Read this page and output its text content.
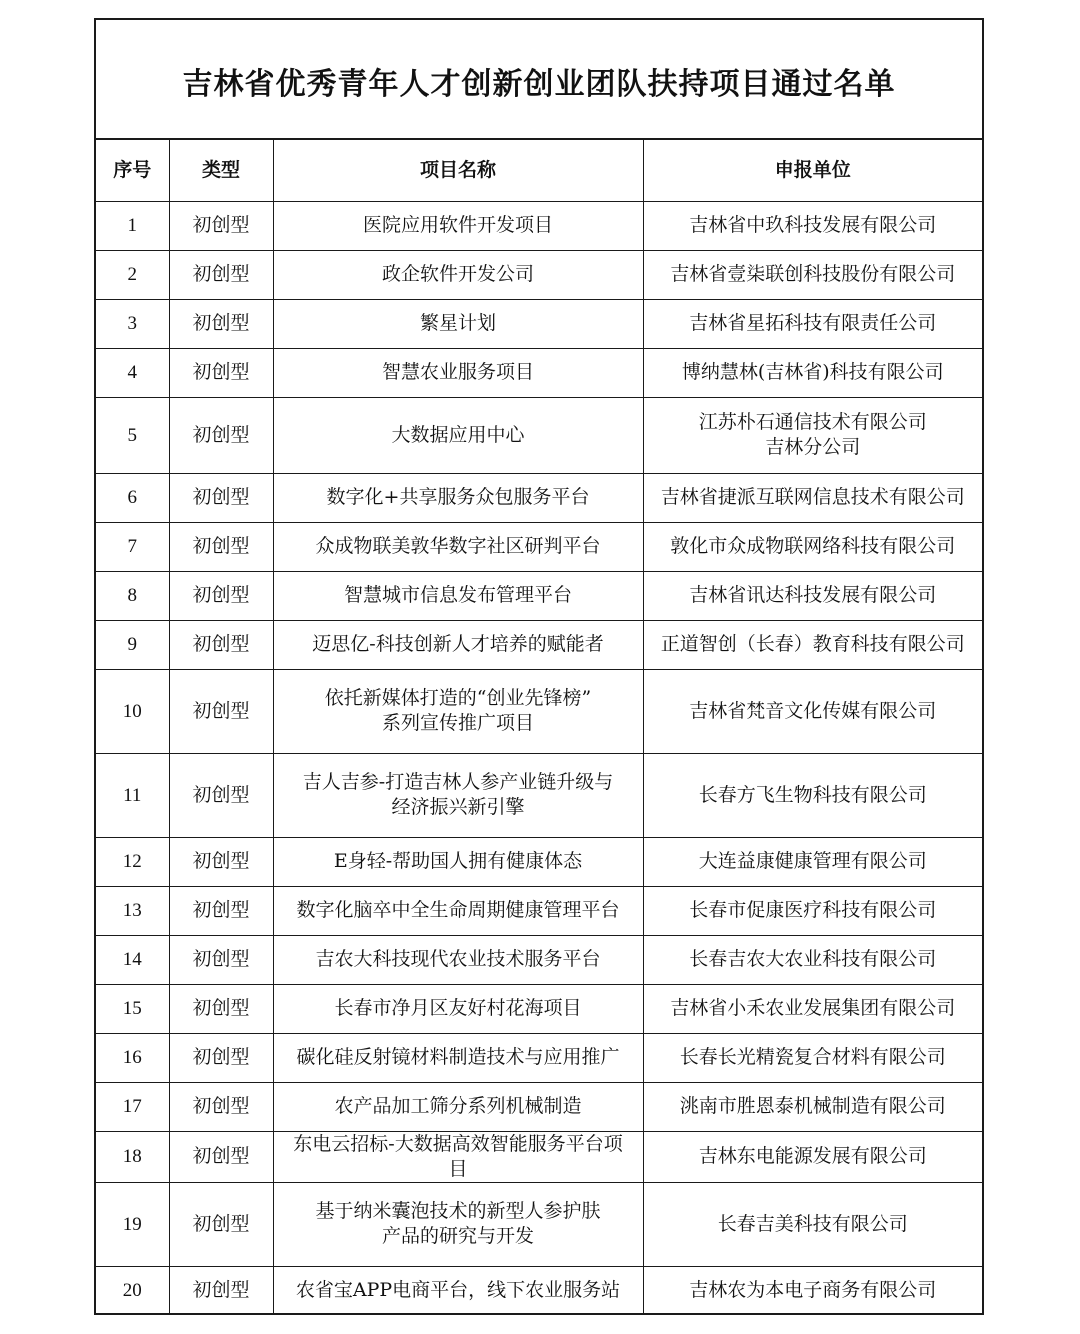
吉林省优秀青年人才创新创业团队扶持项目通过名单
序号	类型	项目名称	申报单位
1	初创型	医院应用软件开发项目	吉林省中玖科技发展有限公司

2	初创型	政企软件开发公司	吉林省壹柒联创科技股份有限公司

3	初创型	繁星计划	吉林省星拓科技有限责任公司

4	初创型	智慧农业服务项目	博纳慧林(吉林省)科技有限公司

5	初创型	大数据应用中心	江苏朴石通信技术有限公司
吉林分公司

6	初创型	数字化+共享服务众包服务平台	吉林省捷派互联网信息技术有限公司

7	初创型	众成物联美敦华数字社区研判平台	敦化市众成物联网络科技有限公司

8	初创型	智慧城市信息发布管理平台	吉林省讯达科技发展有限公司

9	初创型	迈思亿-科技创新人才培养的赋能者	正道智创（长春）教育科技有限公司

10	初创型	依托新媒体打造的“创业先锋榜”
系列宣传推广项目	吉林省梵音文化传媒有限公司

11	初创型	吉人吉参-打造吉林人参产业链升级与
经济振兴新引擎	长春方飞生物科技有限公司

12	初创型	E身轻-帮助国人拥有健康体态	大连益康健康管理有限公司

13	初创型	数字化脑卒中全生命周期健康管理平台	长春市促康医疗科技有限公司

14	初创型	吉农大科技现代农业技术服务平台	长春吉农大农业科技有限公司

15	初创型	长春市净月区友好村花海项目	吉林省小禾农业发展集团有限公司

16	初创型	碳化硅反射镜材料制造技术与应用推广	长春长光精瓷复合材料有限公司

17	初创型	农产品加工筛分系列机械制造	洮南市胜恩泰机械制造有限公司

18	初创型	东电云招标-大数据高效智能服务平台项
目	吉林东电能源发展有限公司

19	初创型	基于纳米囊泡技术的新型人参护肤
产品的研究与开发	长春吉美科技有限公司

20	初创型	农省宝APP电商平台，线下农业服务站	吉林农为本电子商务有限公司
